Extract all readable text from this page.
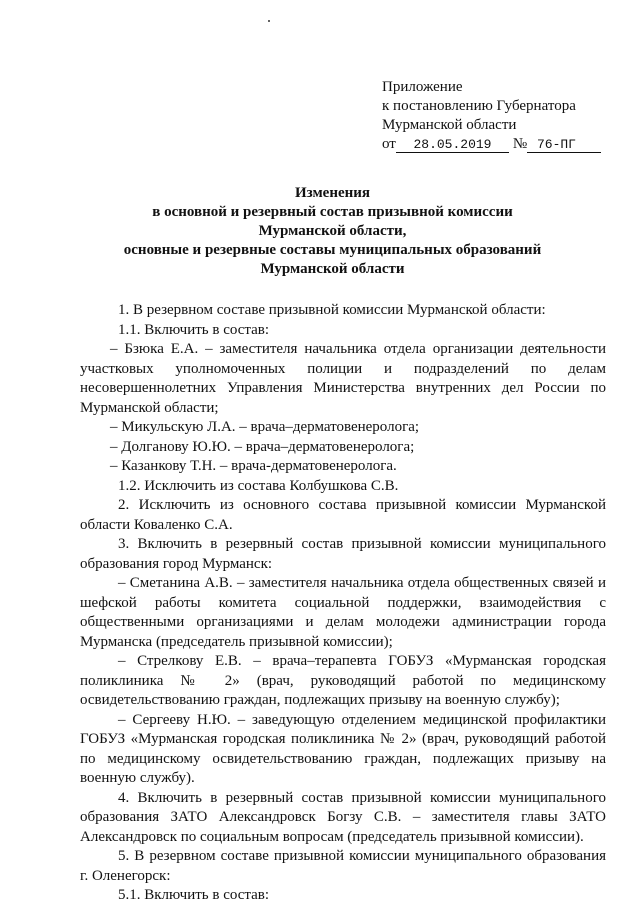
Приложение
к постановлению Губернатора
Мурманской области
от 28.05.2019 № 76-ПГ
Изменения
в основной и резервный состав призывной комиссии
Мурманской области,
основные и резервные составы муниципальных образований
Мурманской области

1. В резервном составе призывной комиссии Мурманской области:

1.1. Включить в состав:

– Бзюка Е.А. – заместителя начальника отдела организации деятельности участковых уполномоченных полиции и подразделений по делам несовершеннолетних Управления Министерства внутренних дел России по Мурманской области;

– Микульскую Л.А. – врача–дерматовенеролога;

– Долганову Ю.Ю. – врача–дерматовенеролога;

– Казанкову Т.Н. – врача-дерматовенеролога.

1.2. Исключить из состава Колбушкова С.В.

2. Исключить из основного состава призывной комиссии Мурманской области Коваленко С.А.

3. Включить в резервный состав призывной комиссии муниципального образования город Мурманск:

– Сметанина А.В. – заместителя начальника отдела общественных связей и шефской работы комитета социальной поддержки, взаимодействия с общественными организациями и делам молодежи администрации города Мурманска (председатель призывной комиссии);

– Стрелкову Е.В. – врача–терапевта ГОБУЗ «Мурманская городская поликлиника № 2» (врач, руководящий работой по медицинскому освидетельствованию граждан, подлежащих призыву на военную службу);

– Сергееву Н.Ю. – заведующую отделением медицинской профилактики ГОБУЗ «Мурманская городская поликлиника № 2» (врач, руководящий работой по медицинскому освидетельствованию граждан, подлежащих призыву на военную службу).

4. Включить в резервный состав призывной комиссии муниципального образования ЗАТО Александровск Богзу С.В. – заместителя главы ЗАТО Александровск по социальным вопросам (председатель призывной комиссии).

5. В резервном составе призывной комиссии муниципального образования г. Оленегорск:

5.1. Включить в состав:
